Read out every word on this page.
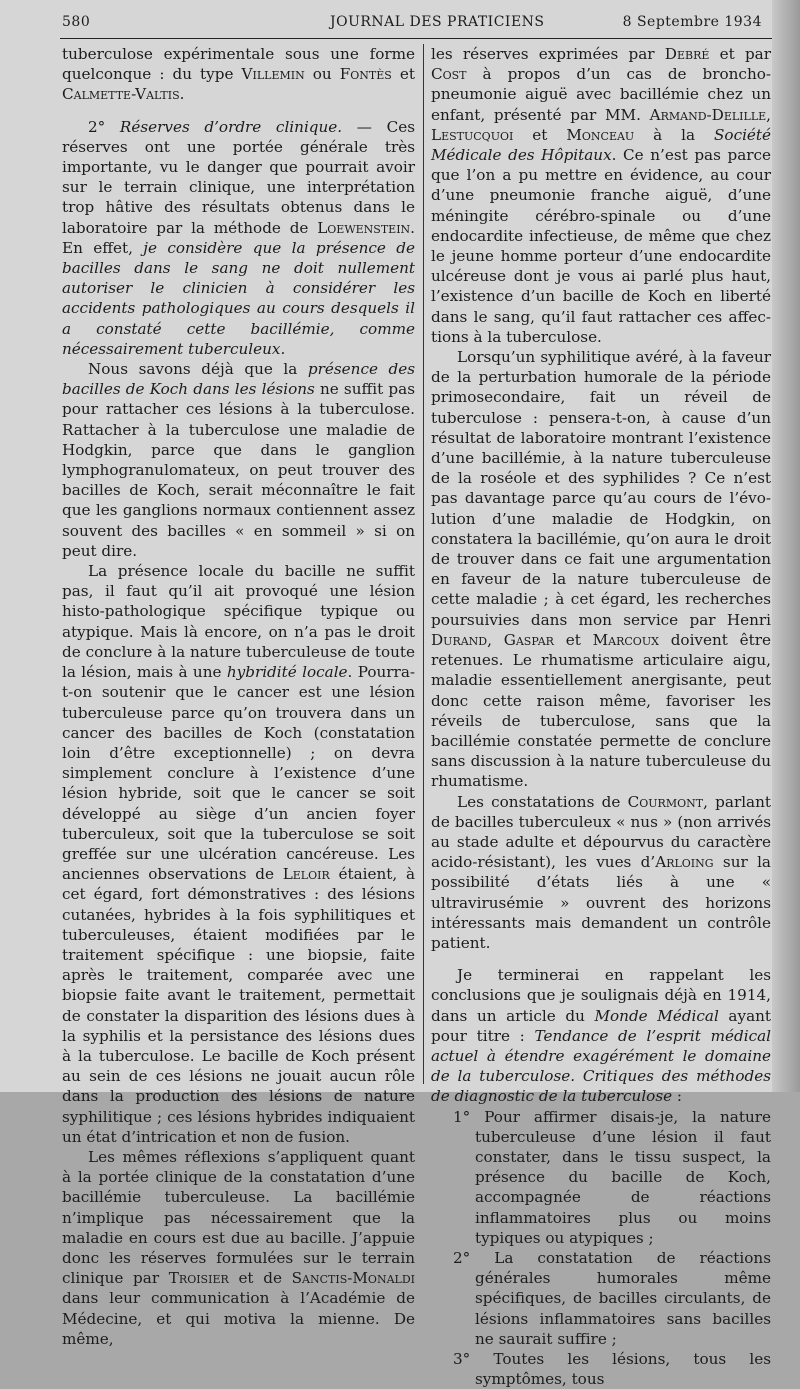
580	JOURNAL DES PRATICIENS	8 Septembre 1934

tuberculose expérimentale sous une forme quelconque : du type Villemin ou Fontès et Calmette-Valtis.

2° Réserves d’ordre clinique. — Ces réserves ont une portée générale très importante, vu le danger que pourrait avoir sur le terrain clinique, une interprétation trop hâtive des résultats obtenus dans le laboratoire par la méthode de Loewenstein. En effet, je considère que la présence de bacilles dans le sang ne doit nullement autoriser le clinicien à considérer les accidents pathologiques au cours desquels il a constaté cette bacillémie, comme nécessairement tuberculeux.

Nous savons déjà que la présence des bacilles de Koch dans les lésions ne suffit pas pour rattacher ces lésions à la tuberculose. Rattacher à la tuberculose une maladie de Hodgkin, parce que dans le ganglion lymphogranulomateux, on peut trouver des bacilles de Koch, serait méconnaître le fait que les ganglions normaux contiennent assez souvent des bacilles « en sommeil » si on peut dire.

La présence locale du bacille ne suffit pas, il faut qu’il ait provoqué une lésion histo-pathologique spécifique typique ou atypique. Mais là encore, on n’a pas le droit de conclure à la nature tuberculeuse de toute la lésion, mais à une hybridité locale. Pourra-t-on soutenir que le cancer est une lésion tuberculeuse parce qu’on trouvera dans un cancer des bacilles de Koch (constatation loin d’être exceptionnelle) ; on devra simplement conclure à l’existence d’une lésion hybride, soit que le cancer se soit développé au siège d’un ancien foyer tuberculeux, soit que la tuberculose se soit greffée sur une ulcération cancéreuse. Les anciennes observations de Leloir étaient, à cet égard, fort démonstratives : des lésions cutanées, hybrides à la fois syphilitiques et tuberculeuses, étaient modifiées par le traitement spécifique : une biopsie, faite après le traitement, comparée avec une biopsie faite avant le traitement, permettait de constater la disparition des lésions dues à la syphilis et la persistance des lésions dues à la tuberculose. Le bacille de Koch présent au sein de ces lésions ne jouait aucun rôle dans la production des lésions de nature syphilitique ; ces lésions hybrides indiquaient un état d’intrication et non de fusion.

Les mêmes réflexions s’appliquent quant à la portée clinique de la constatation d’une bacillémie tuberculeuse. La bacillémie n’implique pas nécessairement que la maladie en cours est due au bacille. J’appuie donc les réserves formulées sur le terrain clinique par Troisier et de Sanctis-Monaldi dans leur communication à l’Académie de Médecine, et qui motiva la mienne. De même,

les réserves exprimées par Debré et par Cost à propos d’un cas de broncho-pneumonie aiguë avec bacillémie chez un enfant, présenté par MM. Armand-Delille, Lestucquoi et Monceau à la Société Médicale des Hôpitaux. Ce n’est pas parce que l’on a pu mettre en évidence, au cour d’une pneumonie franche aiguë, d’une méningite cérébro-spinale ou d’une endocardite infectieuse, de même que chez le jeune homme porteur d’une endocardite ulcéreuse dont je vous ai parlé plus haut, l’existence d’un bacille de Koch en liberté dans le sang, qu’il faut rattacher ces affections à la tuberculose.

Lorsqu’un syphilitique avéré, à la faveur de la perturbation humorale de la période primosecondaire, fait un réveil de tuberculose : pensera-t-on, à cause d’un résultat de laboratoire montrant l’existence d’une bacillémie, à la nature tuberculeuse de la roséole et des syphilides ? Ce n’est pas davantage parce qu’au cours de l’évolution d’une maladie de Hodgkin, on constatera la bacillémie, qu’on aura le droit de trouver dans ce fait une argumentation en faveur de la nature tuberculeuse de cette maladie ; à cet égard, les recherches poursuivies dans mon service par Henri Durand, Gaspar et Marcoux doivent être retenues. Le rhumatisme articulaire aigu, maladie essentiellement anergisante, peut donc cette raison même, favoriser les réveils de tuberculose, sans que la bacillémie constatée permette de conclure sans discussion à la nature tuberculeuse du rhumatisme.

Les constatations de Courmont, parlant de bacilles tuberculeux « nus » (non arrivés au stade adulte et dépourvus du caractère acido-résistant), les vues d’Arloing sur la possibilité d’états liés à une « ultravirusémie » ouvrent des horizons intéressants mais demandent un contrôle patient.

Je terminerai en rappelant les conclusions que je soulignais déjà en 1914, dans un article du Monde Médical ayant pour titre : Tendance de l’esprit médical actuel à étendre exagérément le domaine de la tuberculose. Critiques des méthodes de diagnostic de la tuberculose :

1° Pour affirmer disais-je, la nature tuberculeuse d’une lésion il faut constater, dans le tissu suspect, la présence du bacille de Koch, accompagnée de réactions inflammatoires plus ou moins typiques ou atypiques ;

2° La constatation de réactions générales humorales même spécifiques, de bacilles circulants, de lésions inflammatoires sans bacilles ne saurait suffire ;

3° Toutes les lésions, tous les symptômes, tous
